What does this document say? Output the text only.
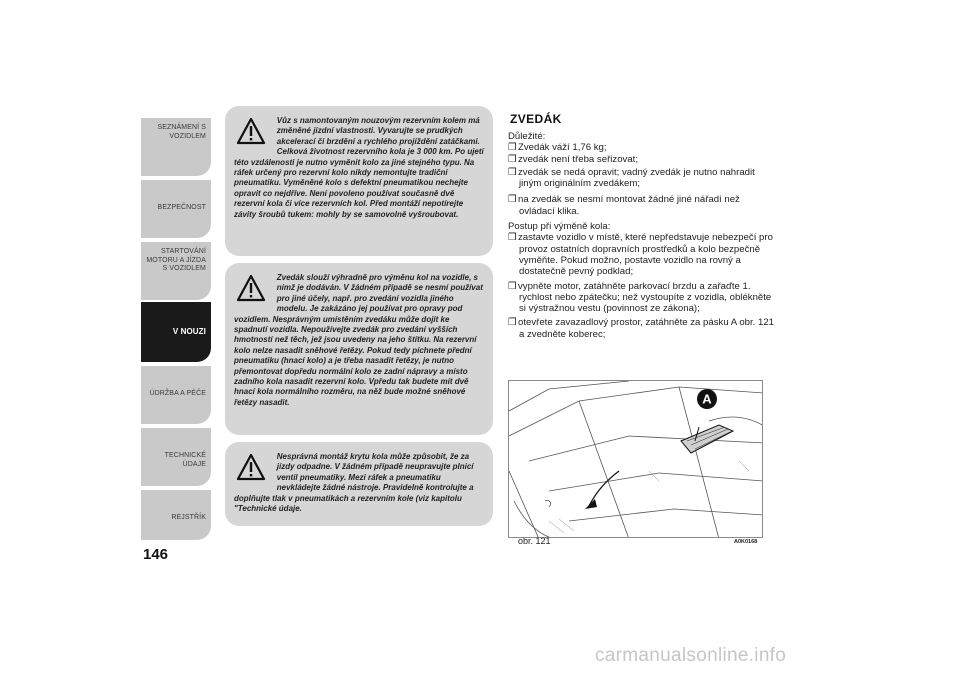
SEZNÁMENÍ S VOZIDLEM
BEZPEČNOST
STARTOVÁNÍ MOTORU A JÍZDA S VOZIDLEM
V NOUZI
ÚDRŽBA A PÉČE
TECHNICKÉ ÚDAJE
REJSTŘÍK
146
Vůz s namontovaným nouzovým rezervním kolem má změněné jízdní vlastnosti. Vyvarujte se prudkých akcelerací či brzdění a rychlého projíždění zatáčkami. Celková životnost rezervního kola je 3 000 km. Po ujetí této vzdálenosti je nutno vyměnit kolo za jiné stejného typu. Na ráfek určený pro rezervní kolo nikdy nemontujte tradiční pneumatiku. Vyměněné kolo s defektní pneumatikou nechejte opravit co nejdříve. Není povoleno používat současně dvě rezervní kola či více rezervních kol. Před montáží nepotírejte závity šroubů tukem: mohly by se samovolně vyšroubovat.
Zvedák slouží výhradně pro výměnu kol na vozidle, s nímž je dodáván. V žádném případě se nesmí používat pro jiné účely, např. pro zvedání vozidla jiného modelu. Je zakázáno jej používat pro opravy pod vozidlem. Nesprávným umístěním zvedáku může dojít ke spadnutí vozidla. Nepoužívejte zvedák pro zvedání vyšších hmotností než těch, jež jsou uvedeny na jeho štítku. Na rezervní kolo nelze nasadit sněhové řetězy. Pokud tedy píchnete přední pneumatiku (hnací kolo) a je třeba nasadit řetězy, je nutno přemontovat dopředu normální kolo ze zadní nápravy a místo zadního kola nasadit rezervní kolo. Vpředu tak budete mít dvě hnací kola normálního rozměru, na něž bude možné sněhové řetězy nasadit.
Nesprávná montáž krytu kola může způsobit, že za jízdy odpadne. V žádném případě neupravujte plnicí ventil pneumatiky. Mezi ráfek a pneumatiku nevkládejte žádné nástroje. Pravidelně kontrolujte a doplňujte tlak v pneumatikách a rezervním kole (viz kapitolu "Technické údaje.
ZVEDÁK
Důležité:
❒Zvedák váží 1,76 kg;
❒zvedák není třeba seřizovat;
❒zvedák se nedá opravit; vadný zvedák je nutno nahradit jiným originálním zvedákem;
❒na zvedák se nesmí montovat žádné jiné nářadí než ovládací klika.
Postup při výměně kola:
❒zastavte vozidlo v místě, které nepředstavuje nebezpečí pro provoz ostatních dopravních prostředků a kolo bezpečně vyměňte. Pokud možno, postavte vozidlo na rovný a dostatečně pevný podklad;
❒vypněte motor, zatáhněte parkovací brzdu a zařaďte 1. rychlost nebo zpátečku; než vystoupíte z vozidla, oblékněte si výstražnou vestu (povinnost ze zákona);
❒otevřete zavazadlový prostor, zatáhněte za pásku A obr. 121 a zvedněte koberec;
A
obr. 121	A0K0168
carmanualsonline.info
